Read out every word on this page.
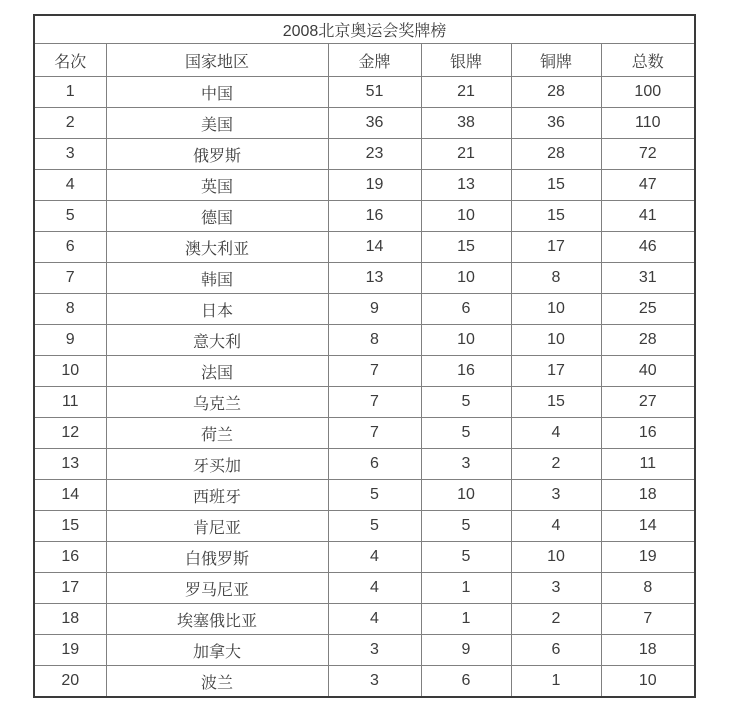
2008北京奥运会奖牌榜					
名次	国家地区	金牌	银牌	铜牌	总数
1	中国	51	21	28	100
2	美国	36	38	36	110
3	俄罗斯	23	21	28	72
4	英国	19	13	15	47
5	德国	16	10	15	41
6	澳大利亚	14	15	17	46
7	韩国	13	10	8	31
8	日本	9	6	10	25
9	意大利	8	10	10	28
10	法国	7	16	17	40
11	乌克兰	7	5	15	27
12	荷兰	7	5	4	16
13	牙买加	6	3	2	11
14	西班牙	5	10	3	18
15	肯尼亚	5	5	4	14
16	白俄罗斯	4	5	10	19
17	罗马尼亚	4	1	3	8
18	埃塞俄比亚	4	1	2	7
19	加拿大	3	9	6	18
20	波兰	3	6	1	10
